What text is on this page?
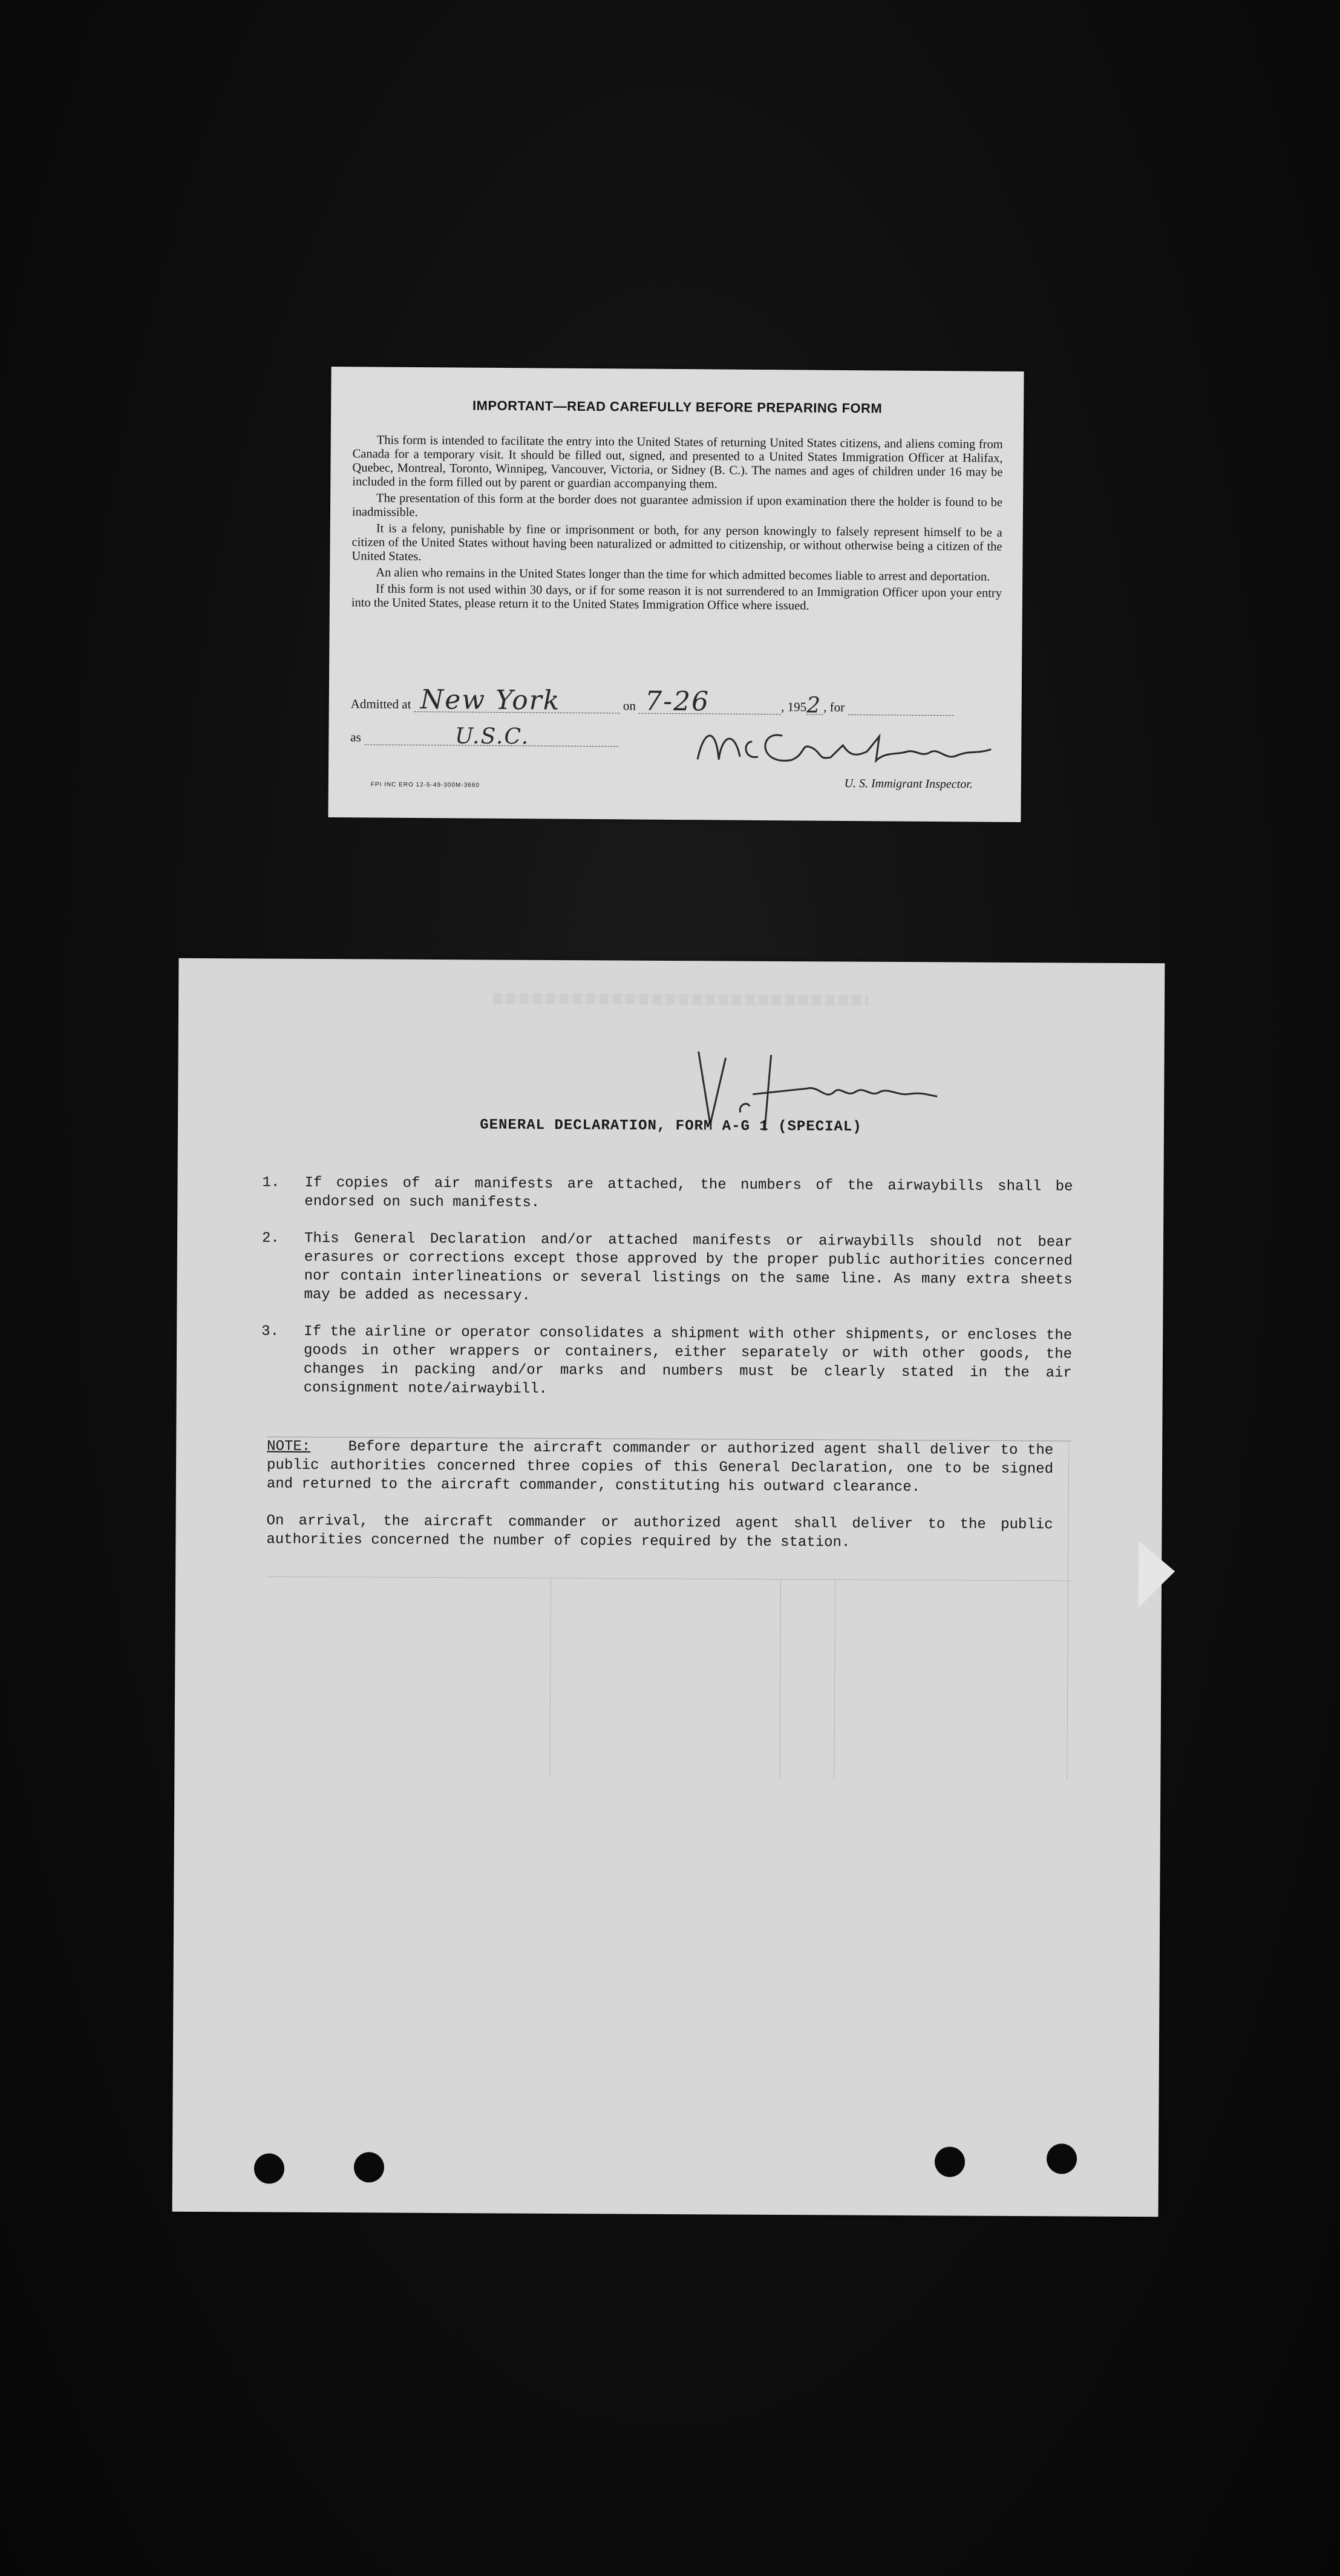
IMPORTANT—READ CAREFULLY BEFORE PREPARING FORM

This form is intended to facilitate the entry into the United States of returning United States citizens, and aliens coming from Canada for a temporary visit. It should be filled out, signed, and presented to a United States Immigration Officer at Halifax, Quebec, Montreal, Toronto, Winnipeg, Vancouver, Victoria, or Sidney (B. C.). The names and ages of children under 16 may be included in the form filled out by parent or guardian accompanying them.

The presentation of this form at the border does not guarantee admission if upon examination there the holder is found to be inadmissible.

It is a felony, punishable by fine or imprisonment or both, for any person knowingly to falsely represent himself to be a citizen of the United States without having been naturalized or admitted to citizenship, or without otherwise being a citizen of the United States.

An alien who remains in the United States longer than the time for which admitted becomes liable to arrest and deportation.

If this form is not used within 30 days, or if for some reason it is not surrendered to an Immigration Officer upon your entry into the United States, please return it to the United States Immigration Office where issued.

Admitted at New York	on 7-26	, 195 2 , for
as	U.S.C.
U. S. Immigrant Inspector.
FPI INC ERO 12-5-49-300M-3660
GENERAL DECLARATION, FORM A-G 1 (SPECIAL)
1. If copies of air manifests are attached, the numbers of the airwaybills shall be endorsed on such manifests.
2. This General Declaration and/or attached manifests or airwaybills should not bear erasures or corrections except those approved by the proper public authorities concerned nor contain interlineations or several listings on the same line. As many extra sheets may be added as necessary.
3. If the airline or operator consolidates a shipment with other shipments, or encloses the goods in other wrappers or containers, either separately or with other goods, the changes in packing and/or marks and numbers must be clearly stated in the air consignment note/airwaybill.

NOTE:	Before departure the aircraft commander or authorized agent shall deliver to the public authorities concerned three copies of this General Declaration, one to be signed and returned to the aircraft commander, constituting his outward clearance.

On arrival, the aircraft commander or authorized agent shall deliver to the public authorities concerned the number of copies required by the station.
